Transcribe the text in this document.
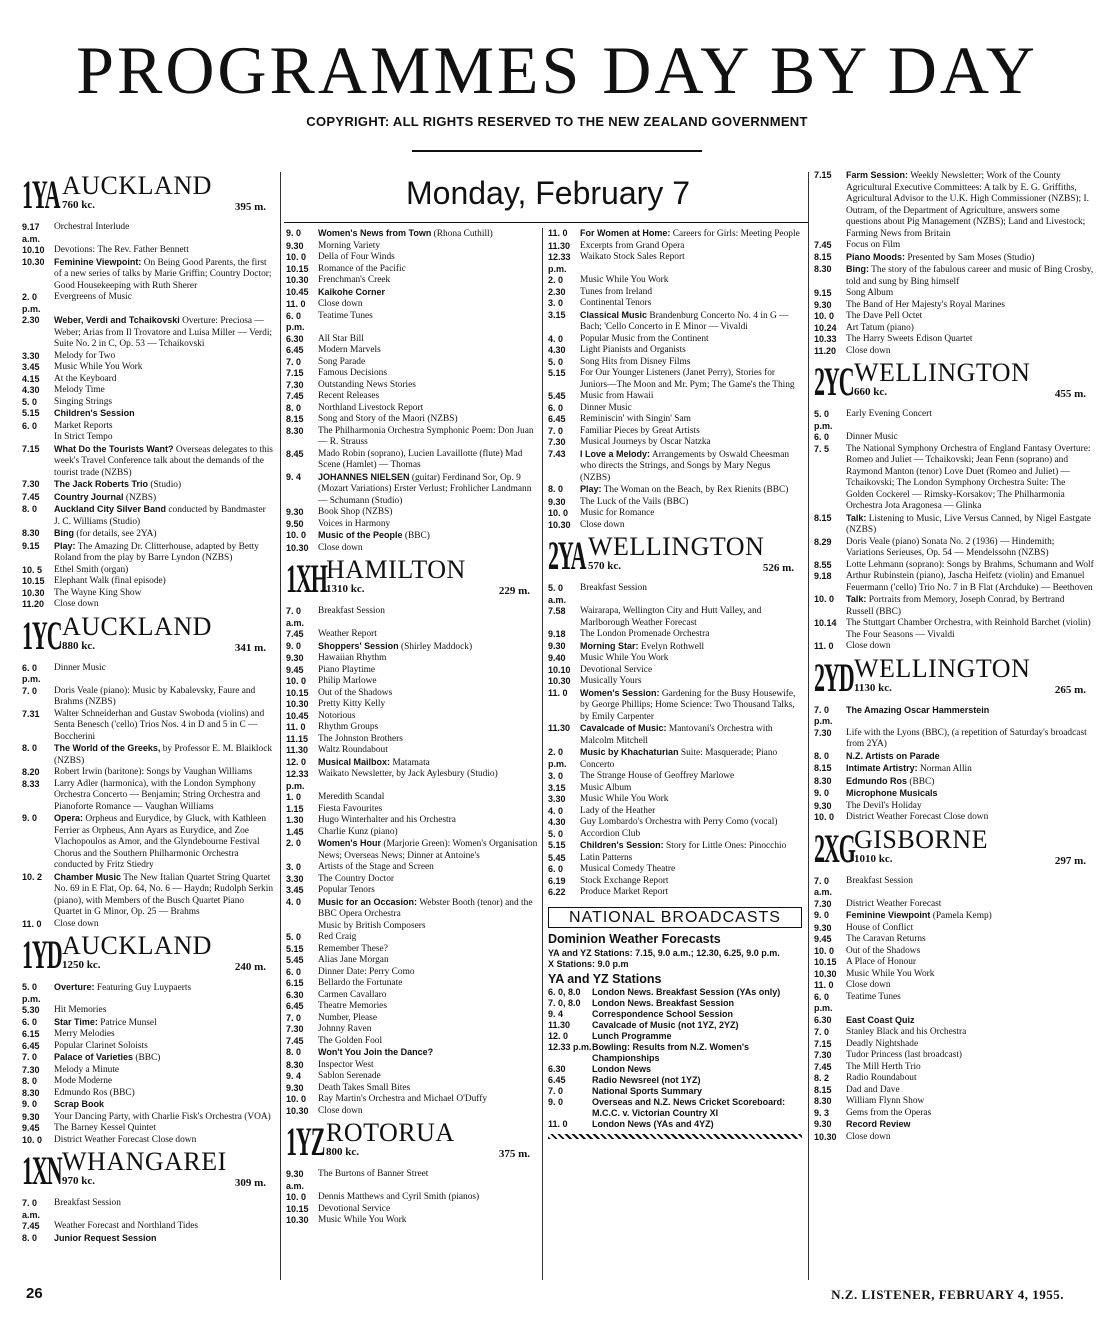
PROGRAMMES DAY BY DAY
COPYRIGHT: ALL RIGHTS RESERVED TO THE NEW ZEALAND GOVERNMENT
Monday, February 7
1YA AUCKLAND
760 kc.	395 m.
9.17 a.m.
Orchestral Interlude
10.10	Devotions: The Rev. Father Bennett
10.30	Feminine Viewpoint: On Being Good Parents, the first of a new series of talks by Marie Griffin; Country Doctor; Good Housekeeping with Ruth Sherer
2. 0 p.m.
Evergreens of Music
2.30	Weber, Verdi and Tchaikovski Overture: Preciosa — Weber; Arias from Il Trovatore and Luisa Miller — Verdi; Suite No. 2 in C, Op. 53 — Tchaikovski
3.30	Melody for Two
3.45	Music While You Work
4.15	At the Keyboard
4.30	Melody Time
5. 0	Singing Strings
5.15	Children's Session
6. 0	Market Reports
In Strict Tempo
7.15	What Do the Tourists Want? Overseas delegates to this week's Travel Conference talk about the demands of the tourist trade (NZBS)
7.30	The Jack Roberts Trio (Studio)
7.45	Country Journal (NZBS)
8. 0	Auckland City Silver Band conducted by Bandmaster J. C. Williams (Studio)
8.30	Bing (for details, see 2YA)
9.15	Play: The Amazing Dr. Clitterhouse, adapted by Betty Roland from the play by Barre Lyndon (NZBS)
10. 5	Ethel Smith (organ)
10.15	Elephant Walk (final episode)
10.30	The Wayne King Show
11.20	Close down
1YC AUCKLAND
880 kc.	341 m.
6. 0 p.m.
Dinner Music
7. 0	Doris Veale (piano): Music by Kabalevsky, Faure and Brahms (NZBS)
7.31	Walter Schneiderhan and Gustav Swoboda (violins) and Senta Benesch ('cello) Trios Nos. 4 in D and 5 in C — Boccherini
8. 0	The World of the Greeks, by Professor E. M. Blaiklock (NZBS)
8.20	Robert Irwin (baritone): Songs by Vaughan Williams
8.33	Larry Adler (harmonica), with the London Symphony Orchestra Concerto — Benjamin; String Orchestra and Pianoforte Romance — Vaughan Williams
9. 0	Opera: Orpheus and Eurydice, by Gluck, with Kathleen Ferrier as Orpheus, Ann Ayars as Eurydice, and Zoe Vlachopoulos as Amor, and the Glyndebourne Festival Chorus and the Southern Philharmonic Orchestra conducted by Fritz Stiedry
10. 2	Chamber Music The New Italian Quartet String Quartet No. 69 in E Flat, Op. 64, No. 6 — Haydn; Rudolph Serkin (piano), with Members of the Busch Quartet Piano Quartet in G Minor, Op. 25 — Brahms
11. 0	Close down
1YD AUCKLAND
1250 kc.	240 m.
5. 0 p.m.
Overture: Featuring Guy Luypaerts
5.30	Hit Memories
6. 0	Star Time: Patrice Munsel
6.15	Merry Melodies
6.45	Popular Clarinet Soloists
7. 0	Palace of Varieties (BBC)
7.30	Melody a Minute
8. 0	Mode Moderne
8.30	Edmundo Ros (BBC)
9. 0	Scrap Book
9.30	Your Dancing Party, with Charlie Fisk's Orchestra (VOA)
9.45	The Barney Kessel Quintet
10. 0	District Weather Forecast Close down
1XN WHANGAREI
970 kc.	309 m.
7. 0 a.m.
Breakfast Session
7.45	Weather Forecast and Northland Tides
8. 0	Junior Request Session
9. 0	Women's News from Town (Rhona Cuthill)
9.30	Morning Variety
10. 0	Della of Four Winds
10.15	Romance of the Pacific
10.30	Frenchman's Creek
10.45	Kaikohe Corner
11. 0	Close down
6. 0 p.m.
Teatime Tunes
6.30	All Star Bill
6.45	Modern Marvels
7. 0	Song Parade
7.15	Famous Decisions
7.30	Outstanding News Stories
7.45	Recent Releases
8. 0	Northland Livestock Report
8.15	Song and Story of the Maori (NZBS)
8.30	The Philharmonia Orchestra Symphonic Poem: Don Juan — R. Strauss
8.45	Mado Robin (soprano), Lucien Lavaillotte (flute) Mad Scene (Hamlet) — Thomas
9. 4	JOHANNES NIELSEN (guitar) Ferdinand Sor, Op. 9 (Mozart Variations) Erster Verlust; Frohlicher Landmann — Schumann (Studio)
9.30	Book Shop (NZBS)
9.50	Voices in Harmony
10. 0	Music of the People (BBC)
10.30	Close down
1XH HAMILTON
1310 kc.	229 m.
7. 0 a.m.
Breakfast Session
7.45	Weather Report
9. 0	Shoppers' Session (Shirley Maddock)
9.30	Hawaiian Rhythm
9.45	Piano Playtime
10. 0	Philip Marlowe
10.15	Out of the Shadows
10.30	Pretty Kitty Kelly
10.45	Notorious
11. 0	Rhythm Groups
11.15	The Johnston Brothers
11.30	Waltz Roundabout
12. 0	Musical Mailbox: Matamata
12.33 p.m.
Waikato Newsletter, by Jack Aylesbury (Studio)
1. 0	Meredith Scandal
1.15	Fiesta Favourites
1.30	Hugo Winterhalter and his Orchestra
1.45	Charlie Kunz (piano)
2. 0	Women's Hour (Marjorie Green): Women's Organisation News; Overseas News; Dinner at Antoine's
3. 0	Artists of the Stage and Screen
3.30	The Country Doctor
3.45	Popular Tenors
4. 0	Music for an Occasion: Webster Booth (tenor) and the BBC Opera Orchestra
Music by British Composers
5. 0	Red Craig
5.15	Remember These?
5.45	Alias Jane Morgan
6. 0	Dinner Date: Perry Como
6.15	Bellardo the Fortunate
6.30	Carmen Cavallaro
6.45	Theatre Memories
7. 0	Number, Please
7.30	Johnny Raven
7.45	The Golden Fool
8. 0	Won't You Join the Dance?
8.30	Inspector West
9. 4	Sablon Serenade
9.30	Death Takes Small Bites
10. 0	Ray Martin's Orchestra and Michael O'Duffy
10.30	Close down
1YZ ROTORUA
800 kc.	375 m.
9.30 a.m.
The Burtons of Banner Street
10. 0	Dennis Matthews and Cyril Smith (pianos)
10.15	Devotional Service
10.30	Music While You Work
11. 0	For Women at Home: Careers for Girls: Meeting People
11.30	Excerpts from Grand Opera
12.33 p.m.
Waikato Stock Sales Report
2. 0	Music While You Work
2.30	Tunes from Ireland
3. 0	Continental Tenors
3.15	Classical Music Brandenburg Concerto No. 4 in G — Bach; 'Cello Concerto in E Minor — Vivaldi
4. 0	Popular Music from the Continent
4.30	Light Pianists and Organists
5. 0	Song Hits from Disney Films
5.15	For Our Younger Listeners (Janet Perry), Stories for Juniors—The Moon and Mr. Pym; The Game's the Thing
5.45	Music from Hawaii
6. 0	Dinner Music
6.45	Reminiscin' with Singin' Sam
7. 0	Familiar Pieces by Great Artists
7.30	Musical Journeys by Oscar Natzka
7.43	I Love a Melody: Arrangements by Oswald Cheesman who directs the Strings, and Songs by Mary Negus (NZBS)
8. 0	Play: The Woman on the Beach, by Rex Rienits (BBC)
9.30	The Luck of the Vails (BBC)
10. 0	Music for Romance
10.30	Close down
2YA WELLINGTON
570 kc.	526 m.
5. 0 a.m.
Breakfast Session
7.58	Wairarapa, Wellington City and Hutt Valley, and Marlborough Weather Forecast
9.18	The London Promenade Orchestra
9.30	Morning Star: Evelyn Rothwell
9.40	Music While You Work
10.10	Devotional Service
10.30	Musically Yours
11. 0	Women's Session: Gardening for the Busy Housewife, by George Phillips; Home Science: Two Thousand Talks, by Emily Carpenter
11.30	Cavalcade of Music: Mantovani's Orchestra with Malcolm Mitchell
2. 0 p.m.
Music by Khachaturian Suite: Masquerade; Piano Concerto
3. 0	The Strange House of Geoffrey Marlowe
3.15	Music Album
3.30	Music While You Work
4. 0	Lady of the Heather
4.30	Guy Lombardo's Orchestra with Perry Como (vocal)
5. 0	Accordion Club
5.15	Children's Session: Story for Little Ones: Pinocchio
5.45	Latin Patterns
6. 0	Musical Comedy Theatre
6.19	Stock Exchange Report
6.22	Produce Market Report
NATIONAL BROADCASTS
Dominion Weather Forecasts
YA and YZ Stations: 7.15, 9.0 a.m.; 12.30, 6.25, 9.0 p.m.
X Stations: 9.0 p.m
YA and YZ Stations
6. 0, 8.0	London News. Breakfast Session (YAs only)
7. 0, 8.0	London News. Breakfast Session
9. 4	Correspondence School Session
11.30	Cavalcade of Music (not 1YZ, 2YZ)
12. 0	Lunch Programme
12.33 p.m. Bowling: Results from N.Z. Women's Championships
6.30	London News
6.45	Radio Newsreel (not 1YZ)
7. 0	National Sports Summary
9. 0	Overseas and N.Z. News Cricket Scoreboard: M.C.C. v. Victorian Country XI
11. 0	London News (YAs and 4YZ)
7.15	Farm Session: Weekly Newsletter; Work of the County Agricultural Executive Committees: A talk by E. G. Griffiths, Agricultural Advisor to the U.K. High Commissioner (NZBS); I. Outram, of the Department of Agriculture, answers some questions about Pig Management (NZBS); Land and Livestock; Farming News from Britain
7.45	Focus on Film
8.15	Piano Moods: Presented by Sam Moses (Studio)
8.30	Bing: The story of the fabulous career and music of Bing Crosby, told and sung by Bing himself
9.15	Song Album
9.30	The Band of Her Majesty's Royal Marines
10. 0	The Dave Pell Octet
10.24	Art Tatum (piano)
10.33	The Harry Sweets Edison Quartet
11.20	Close down
2YC WELLINGTON
660 kc.	455 m.
5. 0 p.m.
Early Evening Concert
6. 0	Dinner Music
7. 5	The National Symphony Orchestra of England Fantasy Overture: Romeo and Juliet — Tchaikovski; Jean Fenn (soprano) and Raymond Manton (tenor) Love Duet (Romeo and Juliet) — Tchaikovski; The London Symphony Orchestra Suite: The Golden Cockerel — Rimsky-Korsakov; The Philharmonia Orchestra Jota Aragonesa — Glinka
8.15	Talk: Listening to Music, Live Versus Canned, by Nigel Eastgate (NZBS)
8.29	Doris Veale (piano) Sonata No. 2 (1936) — Hindemith; Variations Serieuses, Op. 54 — Mendelssohn (NZBS)
8.55	Lotte Lehmann (soprano): Songs by Brahms, Schumann and Wolf
9.18	Arthur Rubinstein (piano), Jascha Heifetz (violin) and Emanuel Feuermann ('cello) Trio No. 7 in B Flat (Archduke) — Beethoven
10. 0	Talk: Portraits from Memory, Joseph Conrad, by Bertrand Russell (BBC)
10.14	The Stuttgart Chamber Orchestra, with Reinhold Barchet (violin) The Four Seasons — Vivaldi
11. 0	Close down
2YD WELLINGTON
1130 kc.	265 m.
7. 0 p.m.
The Amazing Oscar Hammerstein
7.30	Life with the Lyons (BBC), (a repetition of Saturday's broadcast from 2YA)
8. 0	N.Z. Artists on Parade
8.15	Intimate Artistry: Norman Allin
8.30	Edmundo Ros (BBC)
9. 0	Microphone Musicals
9.30	The Devil's Holiday
10. 0	District Weather Forecast Close down
2XG GISBORNE
1010 kc.	297 m.
7. 0 a.m.
Breakfast Session
7.30	District Weather Forecast
9. 0	Feminine Viewpoint (Pamela Kemp)
9.30	House of Conflict
9.45	The Caravan Returns
10. 0	Out of the Shadows
10.15	A Place of Honour
10.30	Music While You Work
11. 0	Close down
6. 0 p.m.
Teatime Tunes
6.30	East Coast Quiz
7. 0	Stanley Black and his Orchestra
7.15	Deadly Nightshade
7.30	Tudor Princess (last broadcast)
7.45	The Mill Herth Trio
8. 2	Radio Roundabout
8.15	Dad and Dave
8.30	William Flynn Show
9. 3	Gems from the Operas
9.30	Record Review
10.30	Close down
26	N.Z. LISTENER, FEBRUARY 4, 1955.
